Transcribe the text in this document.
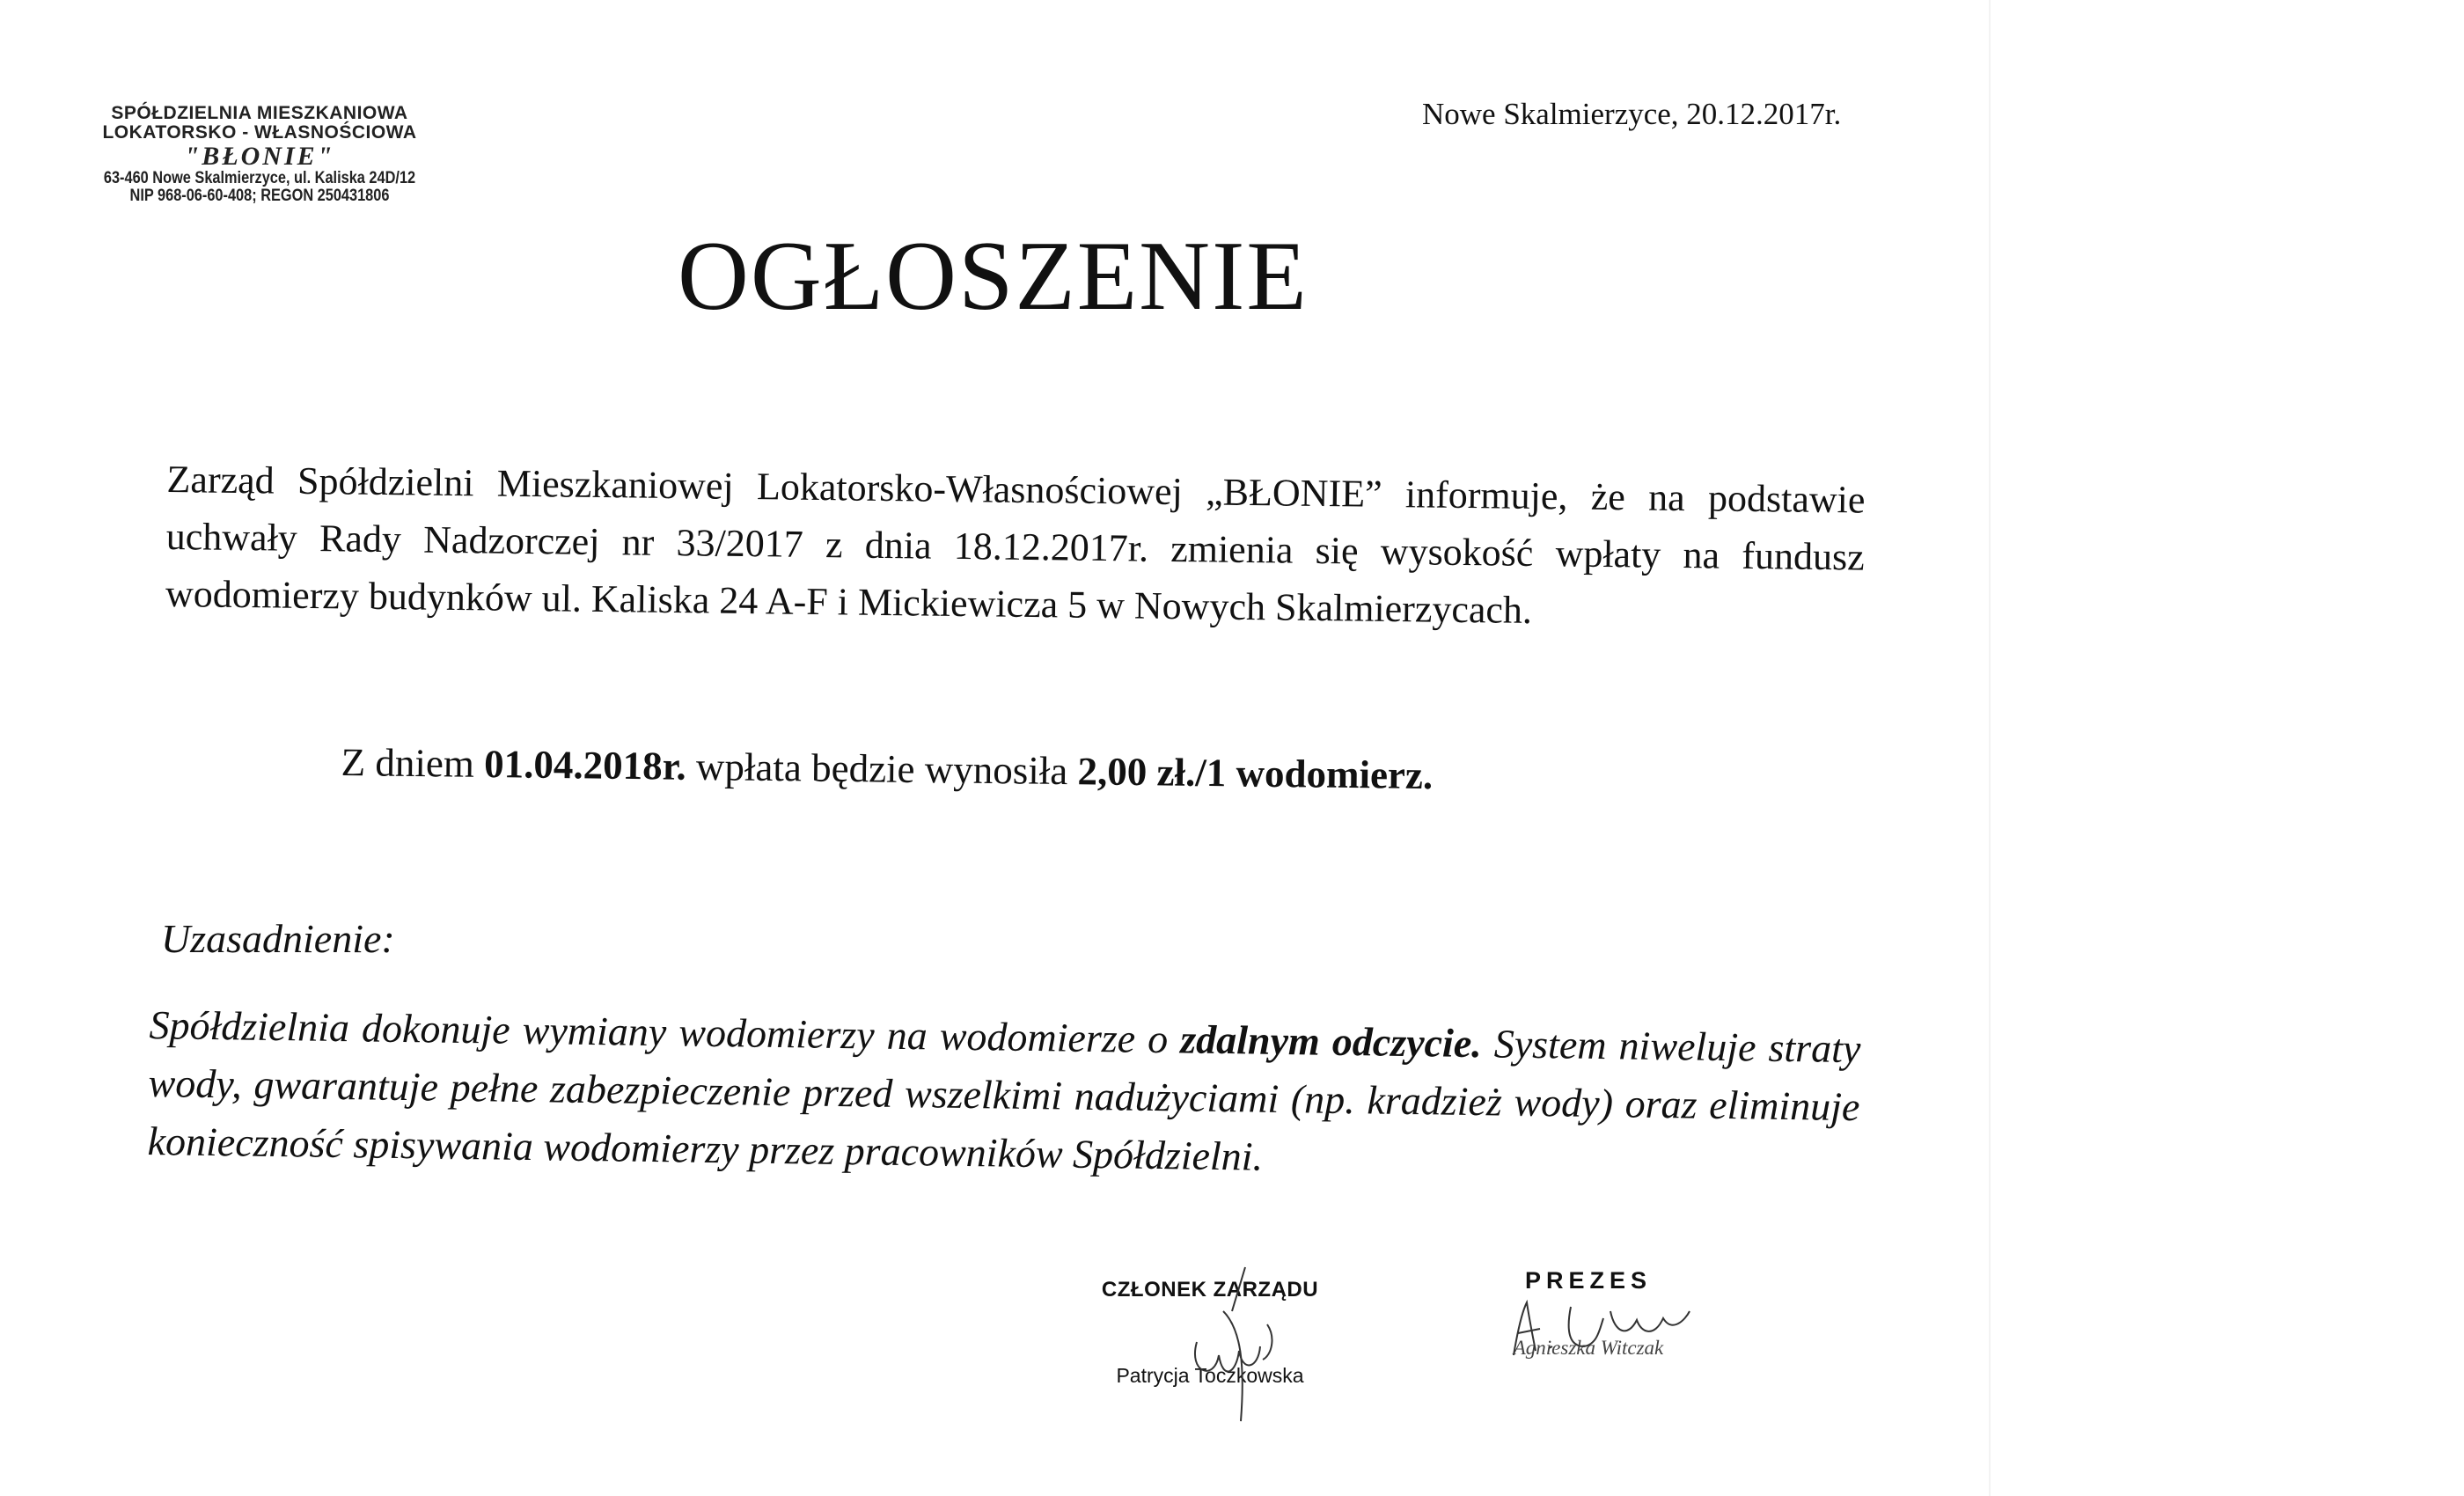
SPÓŁDZIELNIA MIESZKANIOWA
LOKATORSKO - WŁASNOŚCIOWA
"BŁONIE"
63-460 Nowe Skalmierzyce, ul. Kaliska 24D/12
NIP 968-06-60-408; REGON 250431806
Nowe Skalmierzyce, 20.12.2017r.
OGŁOSZENIE
Zarząd Spółdzielni Mieszkaniowej Lokatorsko-Własnościowej „BŁONIE” informuje, że na podstawie uchwały Rady Nadzorczej nr 33/2017 z dnia 18.12.2017r. zmienia się wysokość wpłaty na fundusz wodomierzy budynków ul. Kaliska 24 A-F i Mickiewicza 5 w Nowych Skalmierzycach.
Z dniem 01.04.2018r. wpłata będzie wynosiła 2,00 zł./1 wodomierz.
Uzasadnienie:
Spółdzielnia dokonuje wymiany wodomierzy na wodomierze o zdalnym odczycie. System niweluje straty wody, gwarantuje pełne zabezpieczenie przed wszelkimi nadużyciami (np. kradzież wody) oraz eliminuje konieczność spisywania wodomierzy przez pracowników Spółdzielni.
CZŁONEK ZARZĄDU
Patrycja Toczkowska
PREZES
Agnieszka Witczak
